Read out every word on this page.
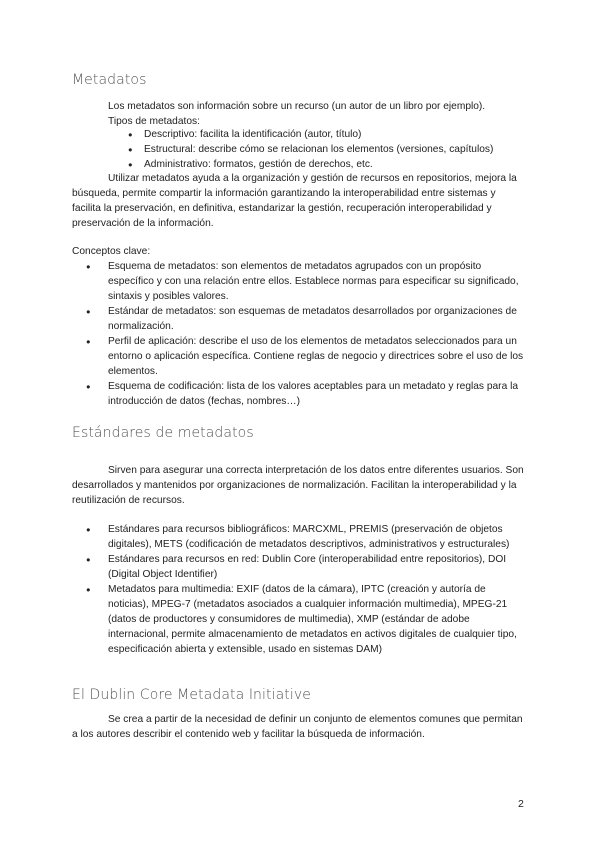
Metadatos
Los metadatos son información sobre un recurso (un autor de un libro por ejemplo).
Tipos de metadatos:
● Descriptivo: facilita la identificación (autor, título)
● Estructural: describe cómo se relacionan los elementos (versiones, capítulos)
● Administrativo: formatos, gestión de derechos, etc.
Utilizar metadatos ayuda a la organización y gestión de recursos en repositorios, mejora la búsqueda, permite compartir la información garantizando la interoperabilidad entre sistemas y facilita la preservación, en definitiva, estandarizar la gestión, recuperación interoperabilidad y preservación de la información.
Conceptos clave:
● Esquema de metadatos: son elementos de metadatos agrupados con un propósito específico y con una relación entre ellos. Establece normas para especificar su significado, sintaxis y posibles valores.
● Estándar de metadatos: son esquemas de metadatos desarrollados por organizaciones de normalización.
● Perfil de aplicación: describe el uso de los elementos de metadatos seleccionados para un entorno o aplicación específica. Contiene reglas de negocio y directrices sobre el uso de los elementos.
● Esquema de codificación: lista de los valores aceptables para un metadato y reglas para la introducción de datos (fechas, nombres…)
Estándares de metadatos
Sirven para asegurar una correcta interpretación de los datos entre diferentes usuarios. Son desarrollados y mantenidos por organizaciones de normalización. Facilitan la interoperabilidad y la reutilización de recursos.
● Estándares para recursos bibliográficos: MARCXML, PREMIS (preservación de objetos digitales), METS (codificación de metadatos descriptivos, administrativos y estructurales)
● Estándares para recursos en red: Dublin Core (interoperabilidad entre repositorios), DOI (Digital Object Identifier)
● Metadatos para multimedia: EXIF (datos de la cámara), IPTC (creación y autoría de noticias), MPEG-7 (metadatos asociados a cualquier información multimedia), MPEG-21 (datos de productores y consumidores de multimedia), XMP (estándar de adobe internacional, permite almacenamiento de metadatos en activos digitales de cualquier tipo, especificación abierta y extensible, usado en sistemas DAM)
El Dublin Core Metadata Initiative
Se crea a partir de la necesidad de definir un conjunto de elementos comunes que permitan a los autores describir el contenido web y facilitar la búsqueda de información.
2
